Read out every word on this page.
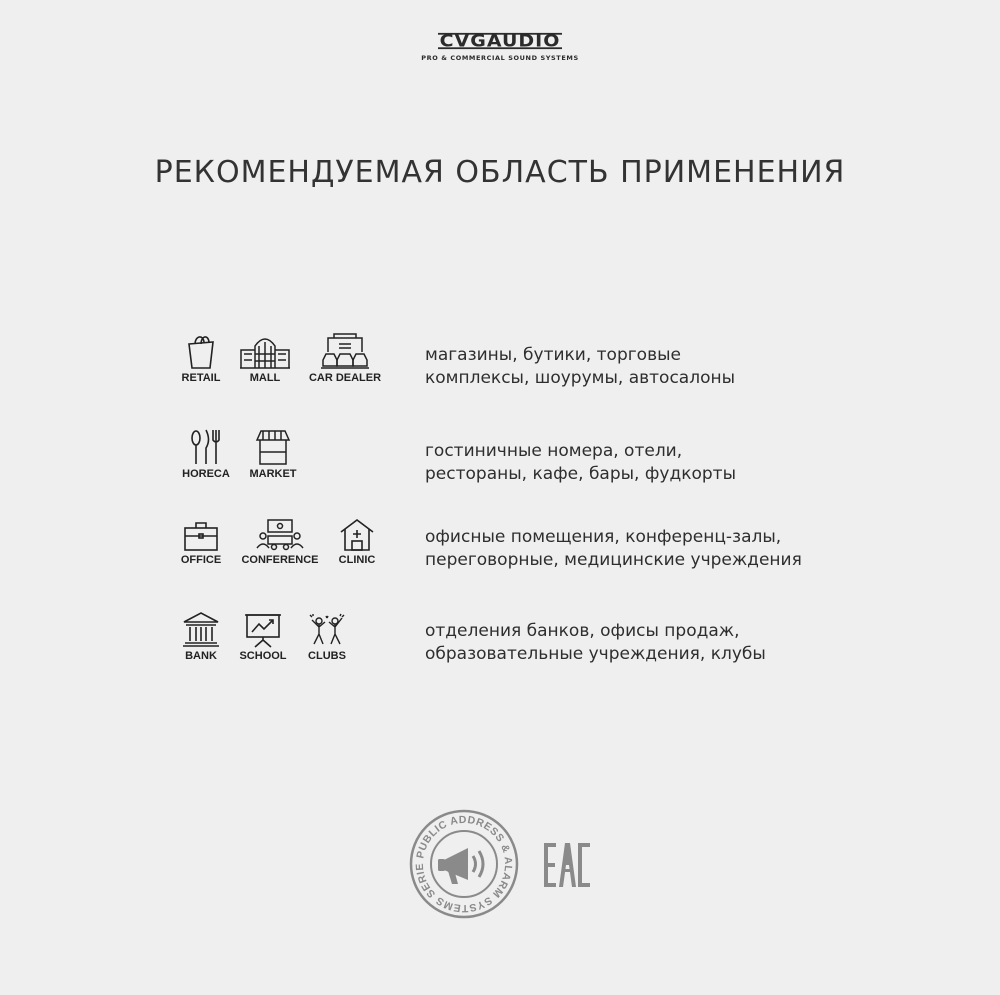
CVGAUDIO
PRO & COMMERCIAL SOUND SYSTEMS
РЕКОМЕНДУЕМАЯ ОБЛАСТЬ ПРИМЕНЕНИЯ
RETAIL	MALL	CAR DEALER
магазины, бутики, торговые
комплексы, шоурумы, автосалоны
HORECA	MARKET
гостиничные номера, отели,
рестораны, кафе, бары, фудкорты
OFFICE	CONFERENCE	CLINIC
офисные помещения, конференц-залы,
переговорные, медицинские учреждения
BANK	SCHOOL	CLUBS
отделения банков, офисы продаж,
образовательные учреждения, клубы
PUBLIC ADDRESS & ALARM SYSTEMS SERIE
